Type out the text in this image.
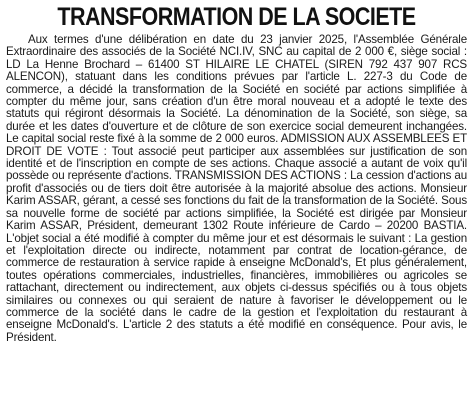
TRANSFORMATION DE LA SOCIETE

Aux termes d'une délibération en date du 23 janvier 2025, l'Assemblée Générale Extraordinaire des associés de la Société NCI.IV, SNC au capital de 2 000 €, siège social : LD La Henne Brochard – 61400 ST HILAIRE LE CHATEL (SIREN 792 437 907 RCS ALENCON), statuant dans les conditions prévues par l'article L. 227-3 du Code de commerce, a décidé la transformation de la Société en société par actions simplifiée à compter du même jour, sans création d'un être moral nouveau et a adopté le texte des statuts qui régiront désormais la Société. La dénomination de la Société, son siège, sa durée et les dates d'ouverture et de clôture de son exercice social demeurent inchangées. Le capital social reste fixé à la somme de 2 000 euros. ADMISSION AUX ASSEMBLEES ET DROIT DE VOTE : Tout associé peut participer aux assemblées sur justification de son identité et de l'inscription en compte de ses actions. Chaque associé a autant de voix qu'il possède ou représente d'actions. TRANSMISSION DES ACTIONS : La cession d'actions au profit d'associés ou de tiers doit être autorisée à la majorité absolue des actions. Monsieur Karim ASSAR, gérant, a cessé ses fonctions du fait de la transformation de la Société. Sous sa nouvelle forme de société par actions simplifiée, la Société est dirigée par Monsieur Karim ASSAR, Président, demeurant 1302 Route inférieure de Cardo – 20200 BASTIA. L'objet social a été modifié à compter du même jour et est désormais le suivant : La gestion et l'exploitation directe ou indirecte, notamment par contrat de location-gérance, de commerce de restauration à service rapide à enseigne McDonald's, Et plus généralement, toutes opérations commerciales, industrielles, financières, immobilières ou agricoles se rattachant, directement ou indirectement, aux objets ci-dessus spécifiés ou à tous objets similaires ou connexes ou qui seraient de nature à favoriser le développement ou le commerce de la société dans le cadre de la gestion et l'exploitation du restaurant à enseigne McDonald's. L'article 2 des statuts a été modifié en conséquence. Pour avis, le Président.
